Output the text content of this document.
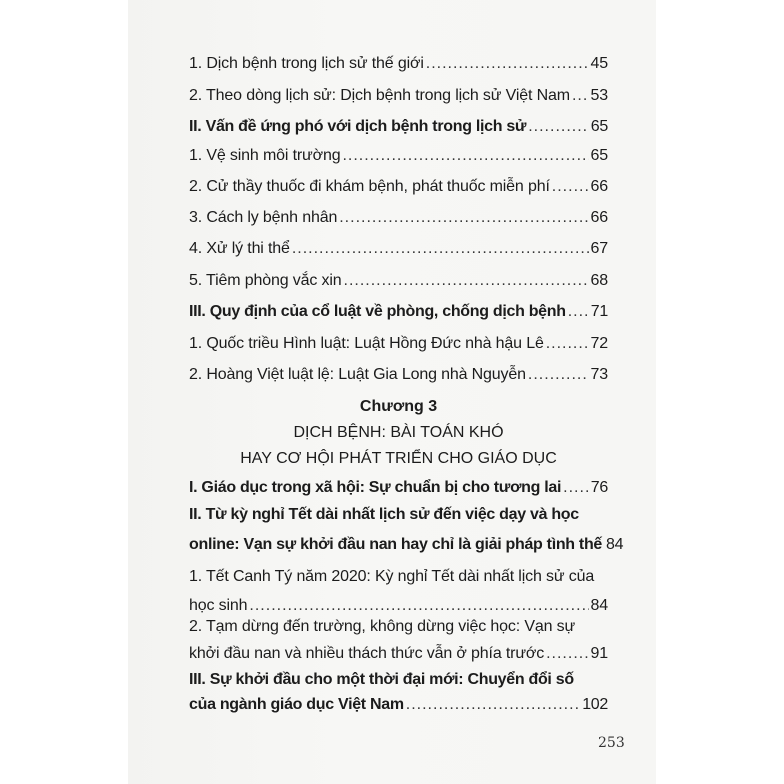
1. Dịch bệnh trong lịch sử thế giới .....	45
2. Theo dòng lịch sử: Dịch bệnh trong lịch sử Việt Nam ..... 53
II. Vấn đề ứng phó với dịch bệnh trong lịch sử .....	65
1. Vệ sinh môi trường .....	65
2. Cử thầy thuốc đi khám bệnh, phát thuốc miễn phí .....	66
3. Cách ly bệnh nhân .....	66
4. Xử lý thi thể .....	67
5. Tiêm phòng vắc xin .....	68
III. Quy định của cổ luật về phòng, chống dịch bệnh ..... 71
1. Quốc triều Hình luật: Luật Hồng Đức nhà hậu Lê .....	72
2. Hoàng Việt luật lệ: Luật Gia Long nhà Nguyễn .....	73
Chương 3
DỊCH BỆNH: BÀI TOÁN KHÓ
HAY CƠ HỘI PHÁT TRIỂN CHO GIÁO DỤC
I. Giáo dục trong xã hội: Sự chuẩn bị cho tương lai ..... 76
II. Từ kỳ nghỉ Tết dài nhất lịch sử đến việc dạy và học
online: Vạn sự khởi đầu nan hay chỉ là giải pháp tình thế 84
1. Tết Canh Tý năm 2020: Kỳ nghỉ Tết dài nhất lịch sử của
học sinh .....	84
2. Tạm dừng đến trường, không dừng việc học: Vạn sự
khởi đầu nan và nhiều thách thức vẫn ở phía trước .....	91
III. Sự khởi đầu cho một thời đại mới: Chuyển đổi số
của ngành giáo dục Việt Nam .....	102
253
